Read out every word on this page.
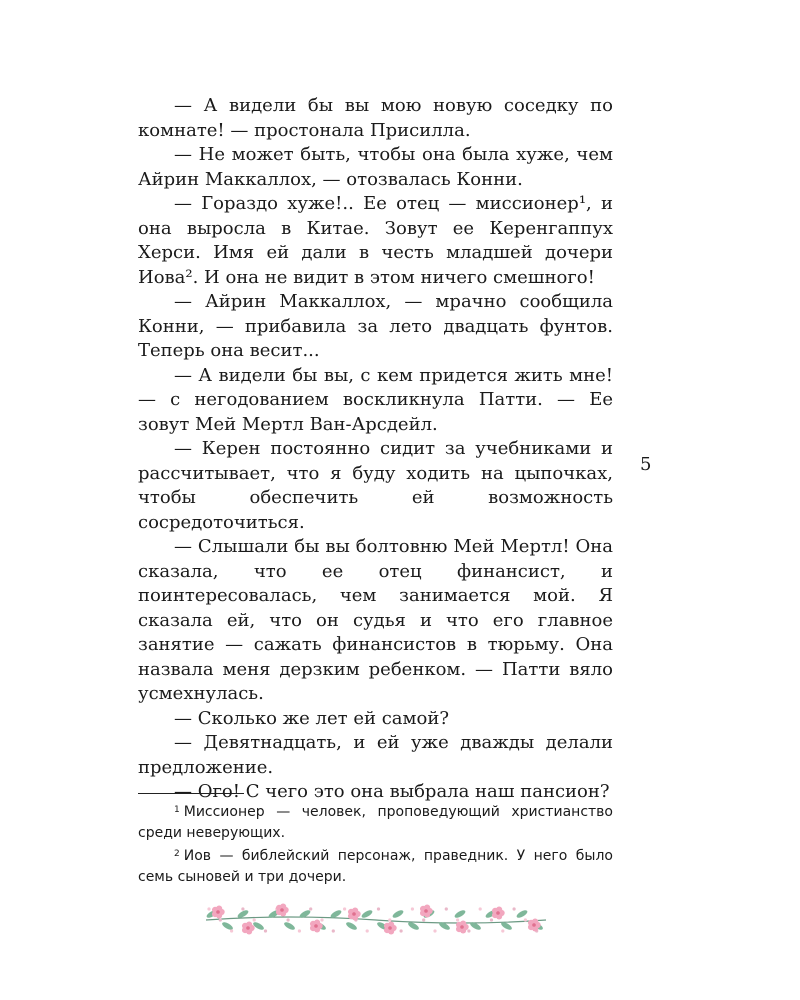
— А видели бы вы мою новую соседку по комнате! — простонала Присилла.

— Не может быть, чтобы она была хуже, чем Айрин Маккаллох, — отозвалась Конни.

— Гораздо хуже!.. Ее отец — миссионер¹, и она выросла в Китае. Зовут ее Керенгаппух Херси. Имя ей дали в честь младшей дочери Иова². И она не видит в этом ничего смешного!

— Айрин Маккаллох, — мрачно сообщила Конни, — прибавила за лето двадцать фунтов. Теперь она весит...

— А видели бы вы, с кем придется жить мне! — с негодованием воскликнула Патти. — Ее зовут Мей Мертл Ван-Арсдейл.

— Керен постоянно сидит за учебниками и рассчитывает, что я буду ходить на цыпочках, чтобы обеспечить ей возможность сосредоточиться.

— Слышали бы вы болтовню Мей Мертл! Она сказала, что ее отец финансист, и поинтересовалась, чем занимается мой. Я сказала ей, что он судья и что его главное занятие — сажать финансистов в тюрьму. Она назвала меня дерзким ребенком. — Патти вяло усмехнулась.

— Сколько же лет ей самой?

— Девятнадцать, и ей уже дважды делали предложение.

— Ого! С чего это она выбрала наш пансион?

5

$^1$ Миссионер — человек, проповедующий христианство среди неверующих.

$^2$ Иов — библейский персонаж, праведник. У него было семь сыновей и три дочери.
